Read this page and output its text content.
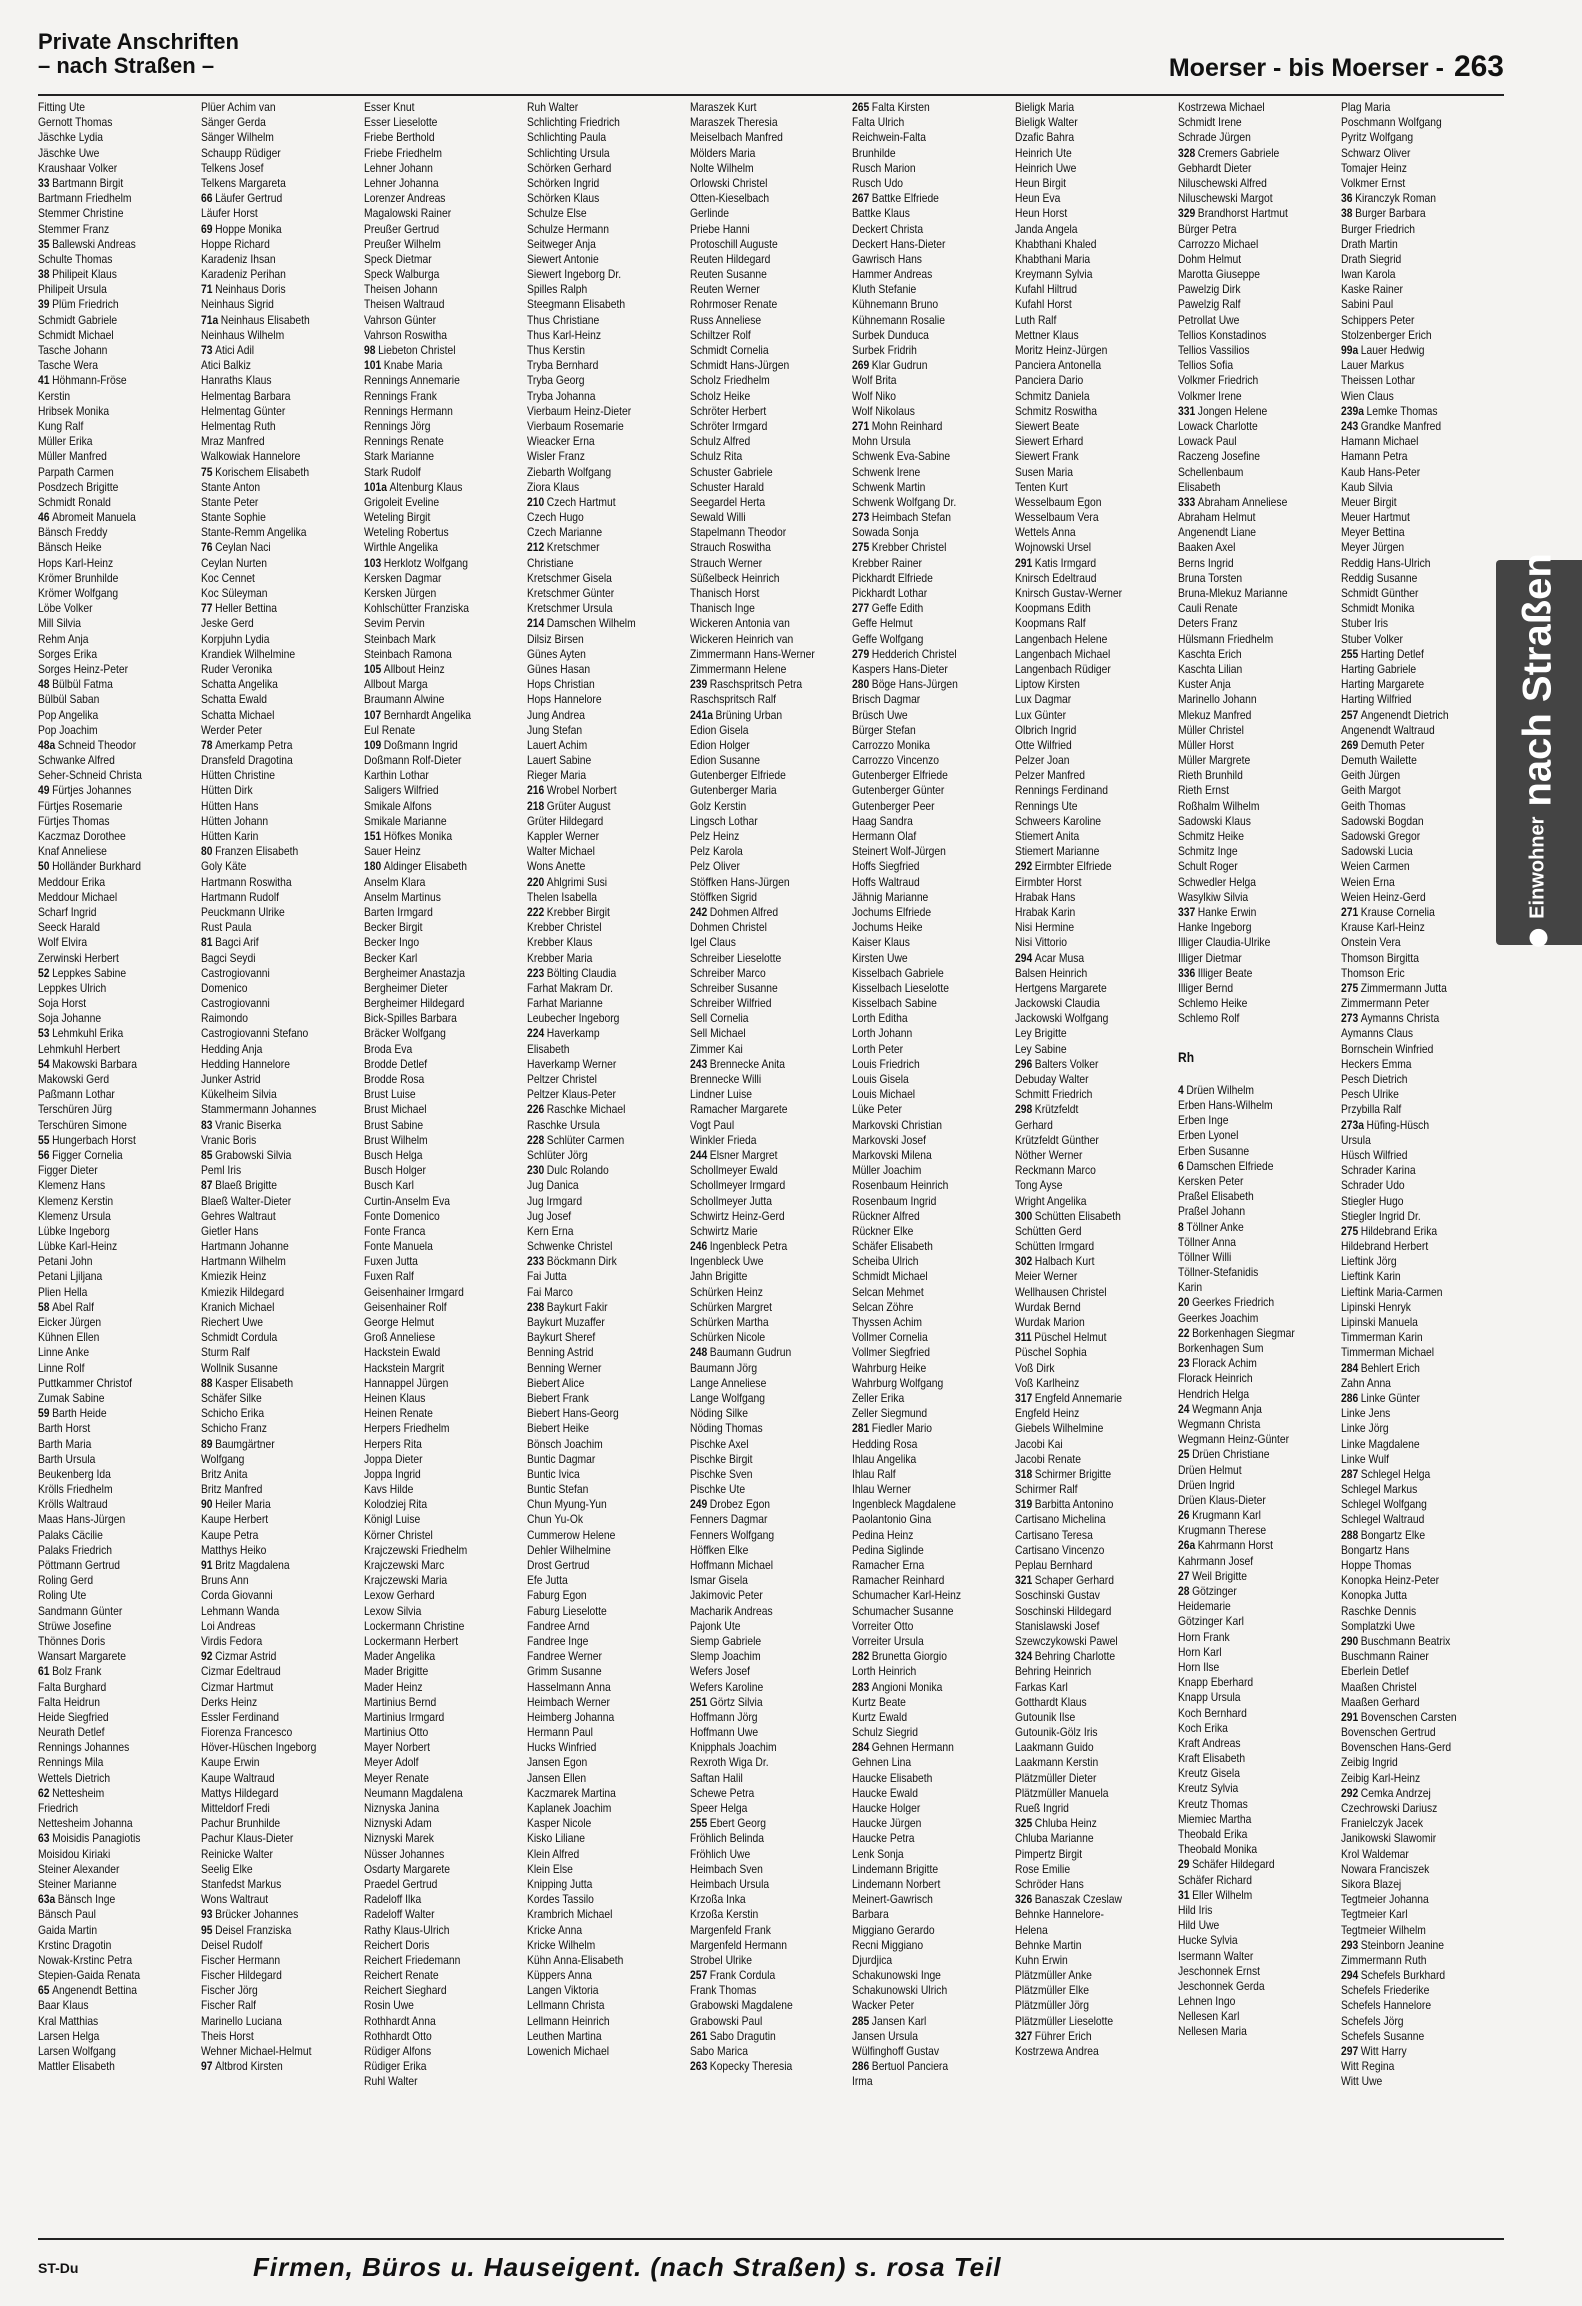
Private Anschriften
– nach Straßen –	Moerser - bis Moerser - 263
Fitting Ute
Gernott Thomas
Jäschke Lydia
Jäschke Uwe
Kraushaar Volker
33 Bartmann Birgit
Bartmann Friedhelm
Stemmer Christine
Stemmer Franz
35 Ballewski Andreas
Schulte Thomas
38 Philipeit Klaus
Philipeit Ursula
39 Plüm Friedrich
Schmidt Gabriele
Schmidt Michael
Tasche Johann
Tasche Wera
41 Höhmann-Fröse
Kerstin
Hribsek Monika
Kung Ralf
Müller Erika
Müller Manfred
Parpath Carmen
Posdzech Brigitte
Schmidt Ronald
46 Abromeit Manuela
Bänsch Freddy
Bänsch Heike
Hops Karl-Heinz
Krömer Brunhilde
Krömer Wolfgang
Löbe Volker
Mill Silvia
Rehm Anja
Sorges Erika
Sorges Heinz-Peter
48 Bülbül Fatma
Bülbül Saban
Pop Angelika
Pop Joachim
48a Schneid Theodor
Schwanke Alfred
Seher-Schneid Christa
49 Fürtjes Johannes
Fürtjes Rosemarie
Fürtjes Thomas
Kaczmaz Dorothee
Knaf Anneliese
50 Holländer Burkhard
Meddour Erika
Meddour Michael
Scharf Ingrid
Seeck Harald
Wolf Elvira
Zerwinski Herbert
52 Leppkes Sabine
Leppkes Ulrich
Soja Horst
Soja Johanne
53 Lehmkuhl Erika
Lehmkuhl Herbert
54 Makowski Barbara
Makowski Gerd
Paßmann Lothar
Terschüren Jürg
Terschüren Simone
55 Hungerbach Horst
56 Figger Cornelia
Figger Dieter
Klemenz Hans
Klemenz Kerstin
Klemenz Ursula
Lübke Ingeborg
Lübke Karl-Heinz
Petani John
Petani Ljiljana
Plien Hella
58 Abel Ralf
Eicker Jürgen
Kühnen Ellen
Linne Anke
Linne Rolf
Puttkammer Christof
Zumak Sabine
59 Barth Heide
Barth Horst
Barth Maria
Barth Ursula
Beukenberg Ida
Krölls Friedhelm
Krölls Waltraud
Maas Hans-Jürgen
Palaks Cäcilie
Palaks Friedrich
Pöttmann Gertrud
Roling Gerd
Roling Ute
Sandmann Günter
Strüwe Josefine
Thönnes Doris
Wansart Margarete
61 Bolz Frank
Falta Burghard
Falta Heidrun
Heide Siegfried
Neurath Detlef
Rennings Johannes
Rennings Mila
Wettels Dietrich
62 Nettesheim
Friedrich
Nettesheim Johanna
63 Moisidis Panagiotis
Moisidou Kiriaki
Steiner Alexander
Steiner Marianne
63a Bänsch Inge
Bänsch Paul
Gaida Martin
Krstinc Dragotin
Nowak-Krstinc Petra
Stepien-Gaida Renata
65 Angenendt Bettina
Baar Klaus
Kral Matthias
Larsen Helga
Larsen Wolfgang
Mattler Elisabeth
Plüer Achim van
Sänger Gerda
Sänger Wilhelm
Schaupp Rüdiger
Telkens Josef
Telkens Margareta
66 Läufer Gertrud
Läufer Horst
69 Hoppe Monika
Hoppe Richard
Karadeniz Ihsan
Karadeniz Perihan
71 Neinhaus Doris
Neinhaus Sigrid
71a Neinhaus Elisabeth
Neinhaus Wilhelm
73 Atici Adil
Atici Balkiz
Hanraths Klaus
Helmentag Barbara
Helmentag Günter
Helmentag Ruth
Mraz Manfred
Walkowiak Hannelore
75 Korischem Elisabeth
Stante Anton
Stante Peter
Stante Sophie
Stante-Remm Angelika
76 Ceylan Naci
Ceylan Nurten
Koc Cennet
Koc Süleyman
77 Heller Bettina
Jeske Gerd
Korpjuhn Lydia
Krandiek Wilhelmine
Ruder Veronika
Schatta Angelika
Schatta Ewald
Schatta Michael
Werder Peter
78 Amerkamp Petra
Dransfeld Dragotina
Hütten Christine
Hütten Dirk
Hütten Hans
Hütten Johann
Hütten Karin
80 Franzen Elisabeth
Goly Käte
Hartmann Roswitha
Hartmann Rudolf
Peuckmann Ulrike
Rust Paula
81 Bagci Arif
Bagci Seydi
Castrogiovanni
Domenico
Castrogiovanni
Raimondo
Castrogiovanni Stefano
Hedding Anja
Hedding Hannelore
Junker Astrid
Kükelheim Silvia
Stammermann Johannes
83 Vranic Biserka
Vranic Boris
85 Grabowski Silvia
Peml Iris
87 Blaeß Brigitte
Blaeß Walter-Dieter
Gehres Waltraut
Gietler Hans
Hartmann Johanne
Hartmann Wilhelm
Kmiezik Heinz
Kmiezik Hildegard
Kranich Michael
Riechert Uwe
Schmidt Cordula
Sturm Ralf
Wollnik Susanne
88 Kasper Elisabeth
Schäfer Silke
Schicho Erika
Schicho Franz
89 Baumgärtner
Wolfgang
Britz Anita
Britz Manfred
90 Heiler Maria
Kaupe Herbert
Kaupe Petra
Matthys Heiko
91 Britz Magdalena
Bruns Ann
Corda Giovanni
Lehmann Wanda
Loi Andreas
Virdis Fedora
92 Cizmar Astrid
Cizmar Edeltraud
Cizmar Hartmut
Derks Heinz
Essler Ferdinand
Fiorenza Francesco
Höver-Hüschen Ingeborg
Kaupe Erwin
Kaupe Waltraud
Mattys Hildegard
Mitteldorf Fredi
Pachur Brunhilde
Pachur Klaus-Dieter
Reinicke Walter
Seelig Elke
Stanfedst Markus
Wons Waltraut
93 Brücker Johannes
95 Deisel Franziska
Deisel Rudolf
Fischer Hermann
Fischer Hildegard
Fischer Jörg
Fischer Ralf
Marinello Luciana
Theis Horst
Wehner Michael-Helmut
97 Altbrod Kirsten
Esser Knut
Esser Lieselotte
Friebe Berthold
Friebe Friedhelm
Lehner Johann
Lehner Johanna
Lorenzer Andreas
Magalowski Rainer
Preußer Gertrud
Preußer Wilhelm
Speck Dietmar
Speck Walburga
Theisen Johann
Theisen Waltraud
Vahrson Günter
Vahrson Roswitha
98 Liebeton Christel
101 Knabe Maria
Rennings Annemarie
Rennings Frank
Rennings Hermann
Rennings Jörg
Rennings Renate
Stark Marianne
Stark Rudolf
101a Altenburg Klaus
Grigoleit Eveline
Weteling Birgit
Weteling Robertus
Wirthle Angelika
103 Herklotz Wolfgang
Kersken Dagmar
Kersken Jürgen
Kohlschütter Franziska
Sevim Pervin
Steinbach Mark
Steinbach Ramona
105 Allbout Heinz
Allbout Marga
Braumann Alwine
107 Bernhardt Angelika
Eul Renate
109 Doßmann Ingrid
Doßmann Rolf-Dieter
Karthin Lothar
Saligers Wilfried
Smikale Alfons
Smikale Marianne
151 Höfkes Monika
Sauer Heinz
180 Aldinger Elisabeth
Anselm Klara
Anselm Martinus
Barten Irmgard
Becker Birgit
Becker Ingo
Becker Karl
Bergheimer Anastazja
Bergheimer Dieter
Bergheimer Hildegard
Bick-Spilles Barbara
Bräcker Wolfgang
Broda Eva
Brodde Detlef
Brodde Rosa
Brust Luise
Brust Michael
Brust Sabine
Brust Wilhelm
Busch Helga
Busch Holger
Busch Karl
Curtin-Anselm Eva
Fonte Domenico
Fonte Franca
Fonte Manuela
Fuxen Jutta
Fuxen Ralf
Geisenhainer Irmgard
Geisenhainer Rolf
George Helmut
Groß Anneliese
Hackstein Ewald
Hackstein Margrit
Hannappel Jürgen
Heinen Klaus
Heinen Renate
Herpers Friedhelm
Herpers Rita
Joppa Dieter
Joppa Ingrid
Kavs Hilde
Kolodziej Rita
Königl Luise
Körner Christel
Krajczewski Friedhelm
Krajczewski Marc
Krajczewski Maria
Lexow Gerhard
Lexow Silvia
Lockermann Christine
Lockermann Herbert
Mader Angelika
Mader Brigitte
Mader Heinz
Martinius Bernd
Martinius Irmgard
Martinius Otto
Mayer Norbert
Meyer Adolf
Meyer Renate
Neumann Magdalena
Niznyska Janina
Niznyski Adam
Niznyski Marek
Nüsser Johannes
Osdarty Margarete
Praedel Gertrud
Radeloff Ilka
Radeloff Walter
Rathy Klaus-Ulrich
Reichert Doris
Reichert Friedemann
Reichert Renate
Reichert Sieghard
Rosin Uwe
Rothhardt Anna
Rothhardt Otto
Rüdiger Alfons
Rüdiger Erika
Ruhl Walter
Ruh Walter
Schlichting Friedrich
Schlichting Paula
Schlichting Ursula
Schörken Gerhard
Schörken Ingrid
Schörken Klaus
Schulze Else
Schulze Hermann
Seitweger Anja
Siewert Antonie
Siewert Ingeborg Dr.
Spilles Ralph
Steegmann Elisabeth
Thus Christiane
Thus Karl-Heinz
Thus Kerstin
Tryba Bernhard
Tryba Georg
Tryba Johanna
Vierbaum Heinz-Dieter
Vierbaum Rosemarie
Wieacker Erna
Wisler Franz
Ziebarth Wolfgang
Ziora Klaus
210 Czech Hartmut
Czech Hugo
Czech Marianne
212 Kretschmer
Christiane
Kretschmer Gisela
Kretschmer Günter
Kretschmer Ursula
214 Damschen Wilhelm
Dilsiz Birsen
Günes Ayten
Günes Hasan
Hops Christian
Hops Hannelore
Jung Andrea
Jung Stefan
Lauert Achim
Lauert Sabine
Rieger Maria
216 Wrobel Norbert
218 Grüter August
Grüter Hildegard
Kappler Werner
Walter Michael
Wons Anette
220 Ahlgrimi Susi
Thelen Isabella
222 Krebber Birgit
Krebber Christel
Krebber Klaus
Krebber Maria
223 Bölting Claudia
Farhat Makram Dr.
Farhat Marianne
Leubecher Ingeborg
224 Haverkamp
Elisabeth
Haverkamp Werner
Peltzer Christel
Peltzer Klaus-Peter
226 Raschke Michael
Raschke Ursula
228 Schlüter Carmen
Schlüter Jörg
230 Dulc Rolando
Jug Danica
Jug Irmgard
Jug Josef
Kern Erna
Schwenke Christel
233 Böckmann Dirk
Fai Jutta
Fai Marco
238 Baykurt Fakir
Baykurt Muzaffer
Baykurt Sheref
Benning Astrid
Benning Werner
Biebert Alice
Biebert Frank
Biebert Hans-Georg
Biebert Heike
Bönsch Joachim
Buntic Dagmar
Buntic Ivica
Buntic Stefan
Chun Myung-Yun
Chun Yu-Ok
Cummerow Helene
Dehler Wilhelmine
Drost Gertrud
Efe Jutta
Faburg Egon
Faburg Lieselotte
Fandree Arnd
Fandree Inge
Fandree Werner
Grimm Susanne
Hasselmann Anna
Heimbach Werner
Heimberg Johanna
Hermann Paul
Hucks Winfried
Jansen Egon
Jansen Ellen
Kaczmarek Martina
Kaplanek Joachim
Kasper Nicole
Kisko Liliane
Klein Alfred
Klein Else
Knipping Jutta
Kordes Tassilo
Krambrich Michael
Kricke Anna
Kricke Wilhelm
Kühn Anna-Elisabeth
Küppers Anna
Langen Viktoria
Lellmann Christa
Lellmann Heinrich
Leuthen Martina
Lowenich Michael
Maraszek Kurt
Maraszek Theresia
Meiselbach Manfred
Mölders Maria
Nolte Wilhelm
Orlowski Christel
Otten-Kieselbach
Gerlinde
Priebe Hanni
Protoschill Auguste
Reuten Hildegard
Reuten Susanne
Reuten Werner
Rohrmoser Renate
Russ Anneliese
Schiltzer Rolf
Schmidt Cornelia
Schmidt Hans-Jürgen
Scholz Friedhelm
Scholz Heike
Schröter Herbert
Schröter Irmgard
Schulz Alfred
Schulz Rita
Schuster Gabriele
Schuster Harald
Seegardel Herta
Sewald Willi
Stapelmann Theodor
Strauch Roswitha
Strauch Werner
Süßelbeck Heinrich
Thanisch Horst
Thanisch Inge
Wickeren Antonia van
Wickeren Heinrich van
Zimmermann Hans-Werner
Zimmermann Helene
239 Raschspritsch Petra
Raschspritsch Ralf
241a Brüning Urban
Edion Gisela
Edion Holger
Edion Susanne
Gutenberger Elfriede
Gutenberger Maria
Golz Kerstin
Lingsch Lothar
Pelz Heinz
Pelz Karola
Pelz Oliver
Stöffken Hans-Jürgen
Stöffken Sigrid
242 Dohmen Alfred
Dohmen Christel
Igel Claus
Schreiber Lieselotte
Schreiber Marco
Schreiber Susanne
Schreiber Wilfried
Sell Cornelia
Sell Michael
Zimmer Kai
243 Brennecke Anita
Brennecke Willi
Lindner Luise
Ramacher Margarete
Vogt Paul
Winkler Frieda
244 Elsner Margret
Schollmeyer Ewald
Schollmeyer Irmgard
Schollmeyer Jutta
Schwirtz Heinz-Gerd
Schwirtz Marie
246 Ingenbleck Petra
Ingenbleck Uwe
Jahn Brigitte
Schürken Heinz
Schürken Margret
Schürken Martha
Schürken Nicole
248 Baumann Gudrun
Baumann Jörg
Lange Anneliese
Lange Wolfgang
Nöding Silke
Nöding Thomas
Pischke Axel
Pischke Birgit
Pischke Sven
Pischke Ute
249 Drobez Egon
Fenners Dagmar
Fenners Wolfgang
Höffken Elke
Hoffmann Michael
Ismar Gisela
Jakimovic Peter
Macharik Andreas
Pajonk Ute
Siemp Gabriele
Slemp Joachim
Wefers Josef
Wefers Karoline
251 Görtz Silvia
Hoffmann Jörg
Hoffmann Uwe
Knipphals Joachim
Rexroth Wiga Dr.
Saftan Halil
Schewe Petra
Speer Helga
255 Ebert Georg
Fröhlich Belinda
Fröhlich Uwe
Heimbach Sven
Heimbach Ursula
Krzoßa Inka
Krzoßa Kerstin
Margenfeld Frank
Margenfeld Hermann
Strobel Ulrike
257 Frank Cordula
Frank Thomas
Grabowski Magdalene
Grabowski Paul
261 Sabo Dragutin
Sabo Marica
263 Kopecky Theresia
265 Falta Kirsten
Falta Ulrich
Reichwein-Falta
Brunhilde
Rusch Marion
Rusch Udo
267 Battke Elfriede
Battke Klaus
Deckert Christa
Deckert Hans-Dieter
Gawrisch Hans
Hammer Andreas
Kluth Stefanie
Kühnemann Bruno
Kühnemann Rosalie
Surbek Dunduca
Surbek Fridrih
269 Klar Gudrun
Wolf Brita
Wolf Niko
Wolf Nikolaus
271 Mohn Reinhard
Mohn Ursula
Schwenk Eva-Sabine
Schwenk Irene
Schwenk Martin
Schwenk Wolfgang Dr.
273 Heimbach Stefan
Sowada Sonja
275 Krebber Christel
Krebber Rainer
Pickhardt Elfriede
Pickhardt Lothar
277 Geffe Edith
Geffe Helmut
Geffe Wolfgang
279 Hedderich Christel
Kaspers Hans-Dieter
280 Böge Hans-Jürgen
Brisch Dagmar
Brüsch Uwe
Bürger Stefan
Carrozzo Monika
Carrozzo Vincenzo
Gutenberger Elfriede
Gutenberger Günter
Gutenberger Peer
Haag Sandra
Hermann Olaf
Steinert Wolf-Jürgen
Hoffs Siegfried
Hoffs Waltraud
Jähnig Marianne
Jochums Elfriede
Jochums Heike
Kaiser Klaus
Kirsten Uwe
Kisselbach Gabriele
Kisselbach Lieselotte
Kisselbach Sabine
Lorth Editha
Lorth Johann
Lorth Peter
Louis Friedrich
Louis Gisela
Louis Michael
Lüke Peter
Markovski Christian
Markovski Josef
Markovski Milena
Müller Joachim
Rosenbaum Heinrich
Rosenbaum Ingrid
Rückner Alfred
Rückner Elke
Schäfer Elisabeth
Scheiba Ulrich
Schmidt Michael
Selcan Mehmet
Selcan Zöhre
Thyssen Achim
Vollmer Cornelia
Vollmer Siegfried
Wahrburg Heike
Wahrburg Wolfgang
Zeller Erika
Zeller Siegmund
281 Fiedler Mario
Hedding Rosa
Ihlau Angelika
Ihlau Ralf
Ihlau Werner
Ingenbleck Magdalene
Paolantonio Gina
Pedina Heinz
Pedina Siglinde
Ramacher Erna
Ramacher Reinhard
Schumacher Karl-Heinz
Schumacher Susanne
Vorreiter Otto
Vorreiter Ursula
282 Brunetta Giorgio
Lorth Heinrich
283 Angioni Monika
Kurtz Beate
Kurtz Ewald
Schulz Siegrid
284 Gehnen Hermann
Gehnen Lina
Haucke Elisabeth
Haucke Ewald
Haucke Holger
Haucke Jürgen
Haucke Petra
Lenk Sonja
Lindemann Brigitte
Lindemann Norbert
Meinert-Gawrisch
Barbara
Miggiano Gerardo
Recni Miggiano
Djurdjica
Schakunowski Inge
Schakunowski Ulrich
Wacker Peter
285 Jansen Karl
Jansen Ursula
Wülfinghoff Gustav
286 Bertuol Panciera
Irma
Bieligk Maria
Bieligk Walter
Dzafic Bahra
Heinrich Ute
Heinrich Uwe
Heun Birgit
Heun Eva
Heun Horst
Janda Angela
Khabthani Khaled
Khabthani Maria
Kreymann Sylvia
Kufahl Hiltrud
Kufahl Horst
Luth Ralf
Mettner Klaus
Moritz Heinz-Jürgen
Panciera Antonella
Panciera Dario
Schmitz Daniela
Schmitz Roswitha
Siewert Beate
Siewert Erhard
Siewert Frank
Susen Maria
Tenten Kurt
Wesselbaum Egon
Wesselbaum Vera
Wettels Anna
Wojnowski Ursel
291 Katis Irmgard
Knirsch Edeltraud
Knirsch Gustav-Werner
Koopmans Edith
Koopmans Ralf
Langenbach Helene
Langenbach Michael
Langenbach Rüdiger
Liptow Kirsten
Lux Dagmar
Lux Günter
Olbrich Ingrid
Otte Wilfried
Pelzer Joan
Pelzer Manfred
Rennings Ferdinand
Rennings Ute
Schweers Karoline
Stiemert Anita
Stiemert Marianne
292 Eirmbter Elfriede
Eirmbter Horst
Hrabak Hans
Hrabak Karin
Nisi Hermine
Nisi Vittorio
294 Acar Musa
Balsen Heinrich
Hertgens Margarete
Jackowski Claudia
Jackowski Wolfgang
Ley Brigitte
Ley Sabine
296 Balters Volker
Debuday Walter
Schmitt Friedrich
298 Krützfeldt
Gerhard
Krützfeldt Günther
Nöther Werner
Reckmann Marco
Tong Ayse
Wright Angelika
300 Schütten Elisabeth
Schütten Gerd
Schütten Irmgard
302 Halbach Kurt
Meier Werner
Wellhausen Christel
Wurdak Bernd
Wurdak Marion
311 Püschel Helmut
Püschel Sophia
Voß Dirk
Voß Karlheinz
317 Engfeld Annemarie
Engfeld Heinz
Giebels Wilhelmine
Jacobi Kai
Jacobi Renate
318 Schirmer Brigitte
Schirmer Ralf
319 Barbitta Antonino
Cartisano Michelina
Cartisano Teresa
Cartisano Vincenzo
Peplau Bernhard
321 Schaper Gerhard
Soschinski Gustav
Soschinski Hildegard
Stanislawski Josef
Szewczykowski Pawel
324 Behring Charlotte
Behring Heinrich
Farkas Karl
Gotthardt Klaus
Gutounik Ilse
Gutounik-Gölz Iris
Laakmann Guido
Laakmann Kerstin
Plätzmüller Dieter
Plätzmüller Manuela
Rueß Ingrid
325 Chluba Heinz
Chluba Marianne
Pimpertz Birgit
Rose Emilie
Schröder Hans
326 Banaszak Czeslaw
Behnke Hannelore-
Helena
Behnke Martin
Kuhn Erwin
Plätzmüller Anke
Plätzmüller Elke
Plätzmüller Jörg
Plätzmüller Lieselotte
327 Führer Erich
Kostrzewa Andrea
Kostrzewa Michael
Schmidt Irene
Schrade Jürgen
328 Cremers Gabriele
Gebhardt Dieter
Niluschewski Alfred
Niluschewski Margot
329 Brandhorst Hartmut
Bürger Petra
Carrozzo Michael
Dohm Helmut
Marotta Giuseppe
Pawelzig Dirk
Pawelzig Ralf
Petrollat Uwe
Tellios Konstadinos
Tellios Vassilios
Tellios Sofia
Volkmer Friedrich
Volkmer Irene
331 Jongen Helene
Lowack Charlotte
Lowack Paul
Raczeng Josefine
Schellenbaum
Elisabeth
333 Abraham Anneliese
Abraham Helmut
Angenendt Liane
Baaken Axel
Berns Ingrid
Bruna Torsten
Bruna-Mlekuz Marianne
Cauli Renate
Deters Franz
Hülsmann Friedhelm
Kaschta Erich
Kaschta Lilian
Kuster Anja
Marinello Johann
Mlekuz Manfred
Müller Christel
Müller Horst
Müller Margrete
Rieth Brunhild
Rieth Ernst
Roßhalm Wilhelm
Sadowski Klaus
Schmitz Heike
Schmitz Inge
Schult Roger
Schwedler Helga
Wasylkiw Silvia
337 Hanke Erwin
Hanke Ingeborg
Illiger Claudia-Ulrike
Illiger Dietmar
336 Illiger Beate
Illiger Bernd
Schlemo Heike
Schlemo Rolf

Rh

4 Drüen Wilhelm
Erben Hans-Wilhelm
Erben Inge
Erben Lyonel
Erben Susanne
6 Damschen Elfriede
Kersken Peter
Praßel Elisabeth
Praßel Johann
8 Töllner Anke
Töllner Anna
Töllner Willi
Töllner-Stefanidis
Karin
20 Geerkes Friedrich
Geerkes Joachim
22 Borkenhagen Siegmar
Borkenhagen Sum
23 Florack Achim
Florack Heinrich
Hendrich Helga
24 Wegmann Anja
Wegmann Christa
Wegmann Heinz-Günter
25 Drüen Christiane
Drüen Helmut
Drüen Ingrid
Drüen Klaus-Dieter
26 Krugmann Karl
Krugmann Therese
26a Kahrmann Horst
Kahrmann Josef
27 Weil Brigitte
28 Götzinger
Heidemarie
Götzinger Karl
Horn Frank
Horn Karl
Horn Ilse
Knapp Eberhard
Knapp Ursula
Koch Bernhard
Koch Erika
Kraft Andreas
Kraft Elisabeth
Kreutz Gisela
Kreutz Sylvia
Kreutz Thomas
Miemiec Martha
Theobald Erika
Theobald Monika
29 Schäfer Hildegard
Schäfer Richard
31 Eller Wilhelm
Hild Iris
Hild Uwe
Hucke Sylvia
Isermann Walter
Jeschonnek Ernst
Jeschonnek Gerda
Lehnen Ingo
Nellesen Karl
Nellesen Maria
Plag Maria
Poschmann Wolfgang
Pyritz Wolfgang
Schwarz Oliver
Tomajer Heinz
Volkmer Ernst
36 Kiranczyk Roman
38 Burger Barbara
Burger Friedrich
Drath Martin
Drath Siegrid
Iwan Karola
Kaske Rainer
Sabini Paul
Schippers Peter
Stolzenberger Erich
99a Lauer Hedwig
Lauer Markus
Theissen Lothar
Wien Claus
239a Lemke Thomas
243 Grandke Manfred
Hamann Michael
Hamann Petra
Kaub Hans-Peter
Kaub Silvia
Meuer Birgit
Meuer Hartmut
Meyer Bettina
Meyer Jürgen
Reddig Hans-Ulrich
Reddig Susanne
Schmidt Günther
Schmidt Monika
Stuber Iris
Stuber Volker
255 Harting Detlef
Harting Gabriele
Harting Margarete
Harting Wilfried
257 Angenendt Dietrich
Angenendt Waltraud
269 Demuth Peter
Demuth Wailette
Geith Jürgen
Geith Margot
Geith Thomas
Sadowski Bogdan
Sadowski Gregor
Sadowski Lucia
Weien Carmen
Weien Erna
Weien Heinz-Gerd
271 Krause Cornelia
Krause Karl-Heinz
Onstein Vera
Thomson Birgitta
Thomson Eric
275 Zimmermann Jutta
Zimmermann Peter
273 Aymanns Christa
Aymanns Claus
Bornschein Winfried
Heckers Emma
Pesch Dietrich
Pesch Ulrike
Przybilla Ralf
273a Hüfing-Hüsch
Ursula
Hüsch Wilfried
Schrader Karina
Schrader Udo
Stiegler Hugo
Stiegler Ingrid Dr.
275 Hildebrand Erika
Hildebrand Herbert
Lieftink Jörg
Lieftink Karin
Lieftink Maria-Carmen
Lipinski Henryk
Lipinski Manuela
Timmerman Karin
Timmerman Michael
284 Behlert Erich
Zahn Anna
286 Linke Günter
Linke Jens
Linke Jörg
Linke Magdalene
Linke Wulf
287 Schlegel Helga
Schlegel Markus
Schlegel Wolfgang
Schlegel Waltraud
288 Bongartz Elke
Bongartz Hans
Hoppe Thomas
Konopka Heinz-Peter
Konopka Jutta
Raschke Dennis
Somplatzki Uwe
290 Buschmann Beatrix
Buschmann Rainer
Eberlein Detlef
Maaßen Christel
Maaßen Gerhard
291 Bovenschen Carsten
Bovenschen Gertrud
Bovenschen Hans-Gerd
Zeibig Ingrid
Zeibig Karl-Heinz
292 Cemka Andrzej
Czechrowski Dariusz
Franielczyk Jacek
Janikowski Slawomir
Krol Waldemar
Nowara Franciszek
Sikora Blazej
Tegtmeier Johanna
Tegtmeier Karl
Tegtmeier Wilhelm
293 Steinborn Jeanine
Zimmermann Ruth
294 Schefels Burkhard
Schefels Friederike
Schefels Hannelore
Schefels Jörg
Schefels Susanne
297 Witt Harry
Witt Regina
Witt Uwe
Einwohner
nach Straßen
ST-Du	Firmen, Büros u. Hauseigent. (nach Straßen) s. rosa Teil
